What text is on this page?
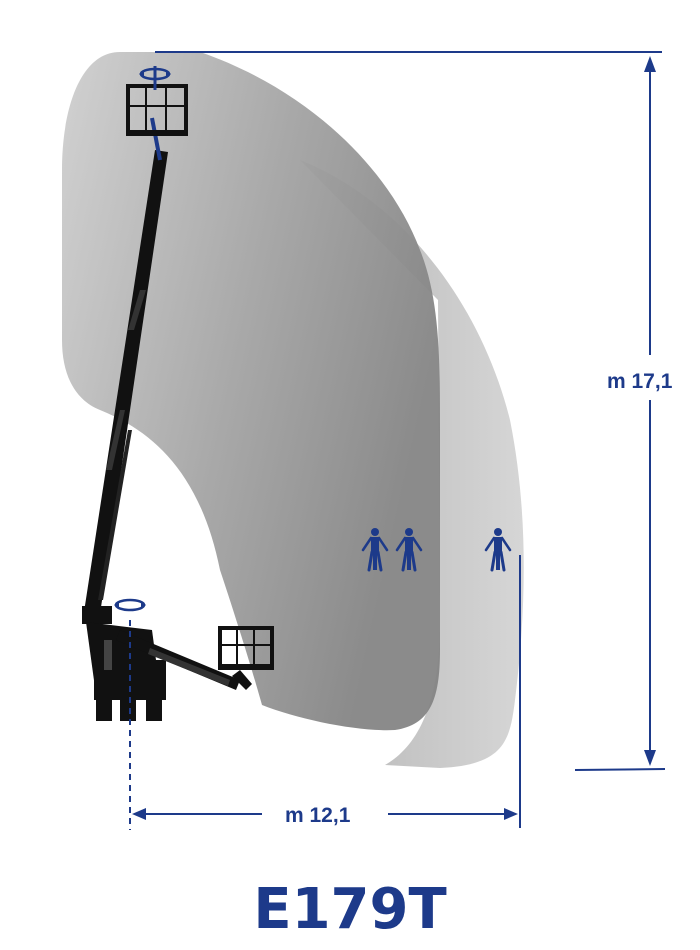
m 17,1
m 12,1
E179T
